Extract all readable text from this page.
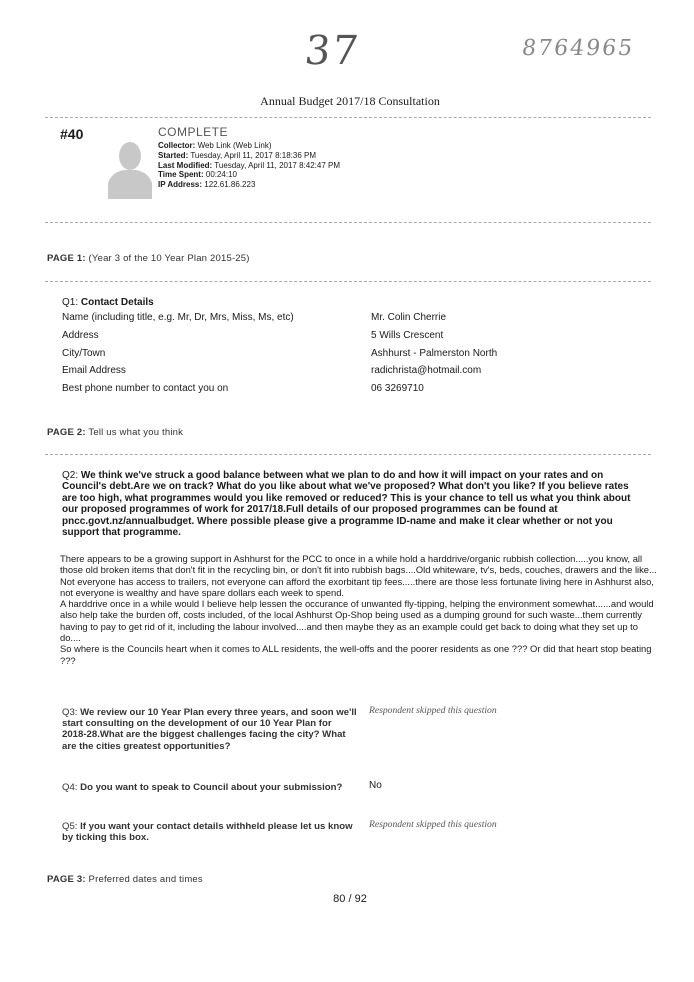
37	8764965
Annual Budget 2017/18 Consultation
#40	COMPLETE
Collector: Web Link (Web Link)
Started: Tuesday, April 11, 2017 8:18:36 PM
Last Modified: Tuesday, April 11, 2017 8:42:47 PM
Time Spent: 00:24:10
IP Address: 122.61.86.223
PAGE 1: (Year 3 of the 10 Year Plan 2015-25)
Q1: Contact Details
Name (including title, e.g. Mr, Dr, Mrs, Miss, Ms, etc)	Mr. Colin Cherrie
Address	5 Wills Crescent
City/Town	Ashhurst - Palmerston North
Email Address	radichrista@hotmail.com
Best phone number to contact you on	06 3269710
PAGE 2: Tell us what you think
Q2: We think we've struck a good balance between what we plan to do and how it will impact on your rates and on Council's debt.Are we on track? What do you like about what we've proposed? What don't you like? If you believe rates are too high, what programmes would you like removed or reduced? This is your chance to tell us what you think about our proposed programmes of work for 2017/18.Full details of our proposed programmes can be found at pncc.govt.nz/annualbudget. Where possible please give a programme ID-name and make it clear whether or not you support that programme.
There appears to be a growing support in Ashhurst for the PCC to once in a while hold a harddrive/organic rubbish collection.....you know, all those old broken items that don't fit in the recycling bin, or don't fit into rubbish bags....Old whiteware, tv's, beds, couches, drawers and the like...
Not everyone has access to trailers, not everyone can afford the exorbitant tip fees.....there are those less fortunate living here in Ashhurst also, not everyone is wealthy and have spare dollars each week to spend.
A harddrive once in a while would I believe help lessen the occurance of unwanted fly-tipping, helping the environment somewhat......and would also help take the burden off, costs included, of the local Ashhurst Op-Shop being used as a dumping ground for such waste...them currently having to pay to get rid of it, including the labour involved....and then maybe they as an example could get back to doing what they set up to do....
So where is the Councils heart when it comes to ALL residents, the well-offs and the poorer residents as one ??? Or did that heart stop beating ???
Q3: We review our 10 Year Plan every three years, and soon we'll start consulting on the development of our 10 Year Plan for 2018-28.What are the biggest challenges facing the city? What are the cities greatest opportunities?
Respondent skipped this question
Q4: Do you want to speak to Council about your submission?	No
Q5: If you want your contact details withheld please let us know by ticking this box.
Respondent skipped this question
PAGE 3: Preferred dates and times
80 / 92
